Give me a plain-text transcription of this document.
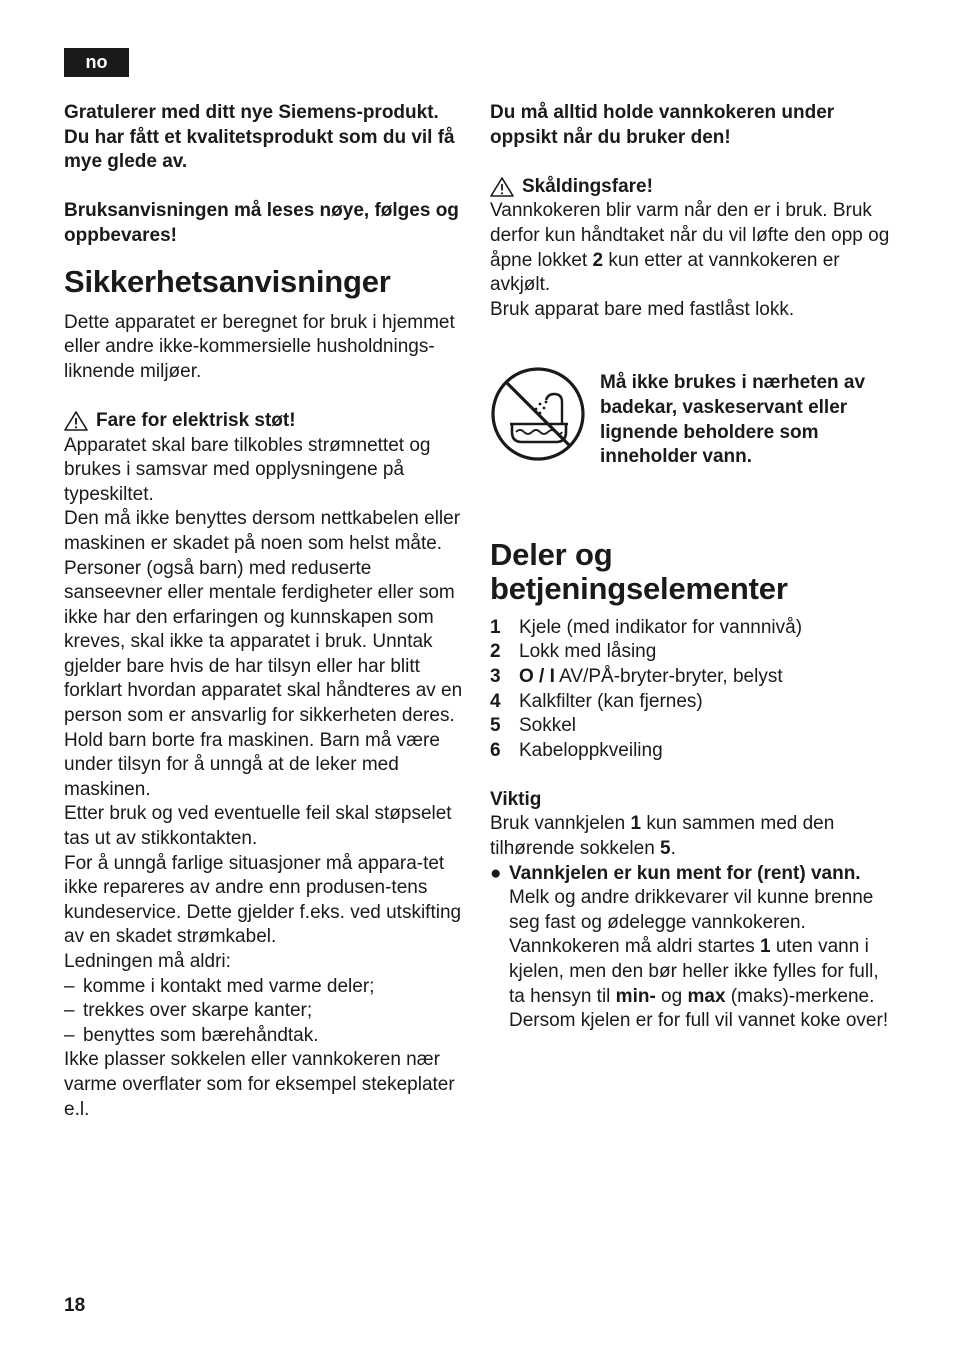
no

Gratulerer med ditt nye Siemens-produkt.

Du har fått et kvalitetsprodukt som du vil få mye glede av.

Bruksanvisningen må leses nøye, følges og oppbevares!

Sikkerhetsanvisninger

Dette apparatet er beregnet for bruk i hjemmet eller andre ikke-kommersielle husholdnings-liknende miljøer.

Fare for elektrisk støt!

Apparatet skal bare tilkobles strømnettet og brukes i samsvar med opplysningene på typeskiltet.

Den må ikke benyttes dersom nettkabelen eller maskinen er skadet på noen som helst måte.

Personer (også barn) med reduserte sanseevner eller mentale ferdigheter eller som ikke har den erfaringen og kunnskapen som kreves, skal ikke ta apparatet i bruk. Unntak gjelder bare hvis de har tilsyn eller har blitt forklart hvordan apparatet skal håndteres av en person som er ansvarlig for sikkerheten deres.

Hold barn borte fra maskinen. Barn må være under tilsyn for å unngå at de leker med maskinen.

Etter bruk og ved eventuelle feil skal støpselet tas ut av stikkontakten.

For å unngå farlige situasjoner må appara-tet ikke repareres av andre enn produsen-tens kundeservice. Dette gjelder f.eks. ved utskifting av en skadet strømkabel.

Ledningen må aldri:

– komme i kontakt med varme deler;
– trekkes over skarpe kanter;
– benyttes som bærehåndtak.

Ikke plasser sokkelen eller vannkokeren nær varme overflater som for eksempel stekeplater e.l.

Du må alltid holde vannkokeren under oppsikt når du bruker den!

Skåldingsfare!

Vannkokeren blir varm når den er i bruk. Bruk derfor kun håndtaket når du vil løfte den opp og åpne lokket 2 kun etter at vannkokeren er avkjølt.

Bruk apparat bare med fastlåst lokk.

Må ikke brukes i nærheten av badekar, vaskeservant eller lignende beholdere som inneholder vann.

Deler og betjeningselementer
1 Kjele (med indikator for vannnivå)
2 Lokk med låsing
3 O / I AV/PÅ-bryter-bryter, belyst
4 Kalkfilter (kan fjernes)
5 Sokkel
6 Kabeloppkveiling

Viktig

Bruk vannkjelen 1 kun sammen med den tilhørende sokkelen 5.

● Vannkjelen er kun ment for (rent) vann. Melk og andre drikkevarer vil kunne brenne seg fast og ødelegge vannkokeren. Vannkokeren må aldri startes 1 uten vann i kjelen, men den bør heller ikke fylles for full, ta hensyn til min- og max (maks)-merkene. Dersom kjelen er for full vil vannet koke over!

18
